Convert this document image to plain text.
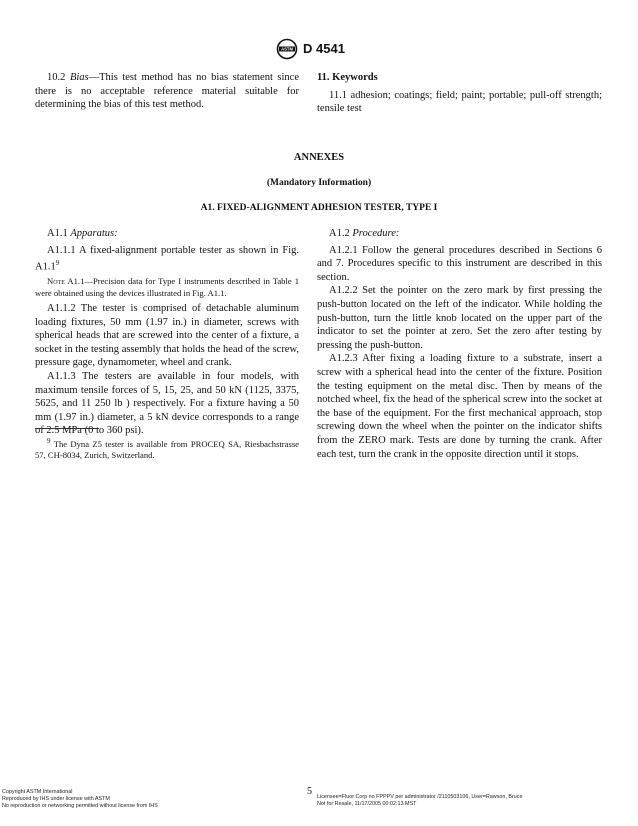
ASTM D 4541

10.2 Bias—This test method has no bias statement since there is no acceptable reference material suitable for determining the bias of this test method.

11. Keywords

11.1 adhesion; coatings; field; paint; portable; pull-off strength; tensile test

ANNEXES
(Mandatory Information)
A1. FIXED-ALIGNMENT ADHESION TESTER, TYPE I

A1.1 Apparatus:

A1.1.1 A fixed-alignment portable tester as shown in Fig. $A1.1^9$

Note A1.1—Precision data for Type I instruments described in Table 1 were obtained using the devices illustrated in Fig. A1.1.

A1.1.2 The tester is comprised of detachable aluminum loading fixtures, 50 mm (1.97 in.) in diameter, screws with spherical heads that are screwed into the center of a fixture, a socket in the testing assembly that holds the head of the screw, pressure gage, dynamometer, wheel and crank.

A1.1.3 The testers are available in four models, with maximum tensile forces of 5, 15, 25, and 50 kN (1125, 3375, 5625, and 11 250 lb ) respectively. For a fixture having a 50 mm (1.97 in.) diameter, a 5 kN device corresponds to a range of 2.5 MPa (0 to 360 psi).

$^9$ The Dyna Z5 tester is available from PROCEQ SA, Riesbachstrasse 57, CH-8034, Zurich, Switzerland.

A1.2 Procedure:

A1.2.1 Follow the general procedures described in Sections 6 and 7. Procedures specific to this instrument are described in this section.

A1.2.2 Set the pointer on the zero mark by first pressing the push-button located on the left of the indicator. While holding the push-button, turn the little knob located on the upper part of the indicator to set the pointer at zero. Set the zero after testing by pressing the push-button.

A1.2.3 After fixing a loading fixture to a substrate, insert a screw with a spherical head into the center of the fixture. Position the testing equipment on the metal disc. Then by means of the notched wheel, fix the head of the spherical screw into the socket at the base of the equipment. For the first mechanical approach, stop screwing down the wheel when the pointer on the indicator shifts from the ZERO mark. Tests are done by turning the crank. After each test, turn the crank in the opposite direction until it stops.

Copyright ASTM International
Reproduced by IHS under license with ASTM
No reproduction or networking permitted without license from IHS
5 Licensee=Fluor Corp no FPPPV per administrator /2110503106, User=Rawson, Bruce
Not for Resale, 11/17/2005 00:02:13 MST
